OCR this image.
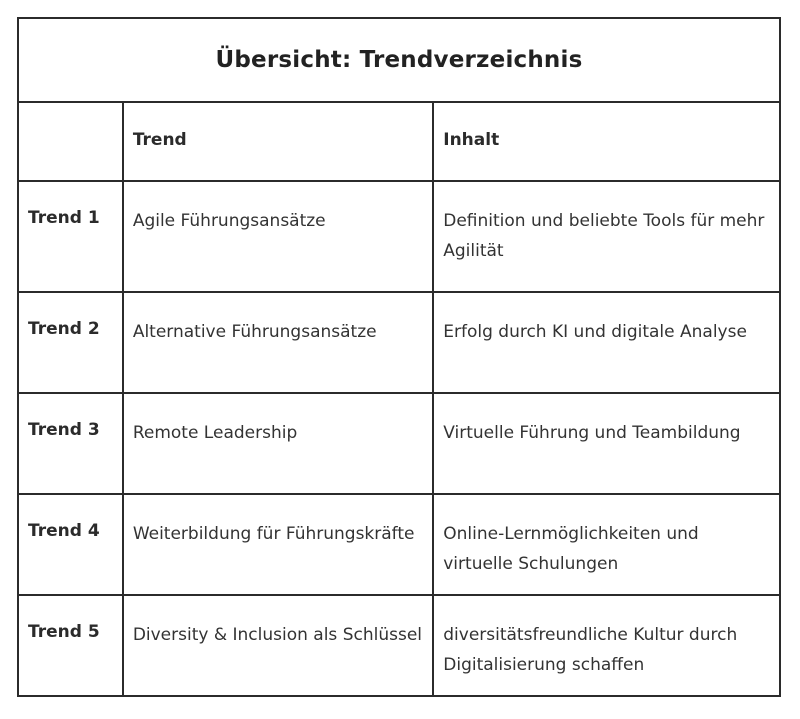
Übersicht: Trendverzeichnis		

	Trend	Inhalt

Trend 1	Agile Führungsansätze	Definition und beliebte Tools für mehr Agilität

Trend 2	Alternative Führungsansätze	Erfolg durch KI und digitale Analyse

Trend 3	Remote Leadership	Virtuelle Führung und Teambildung

Trend 4	Weiterbildung für Führungskräfte	Online-Lernmöglichkeiten und virtuelle Schulungen

Trend 5	Diversity & Inclusion als Schlüssel	diversitätsfreundliche Kultur durch Digitalisierung schaffen
